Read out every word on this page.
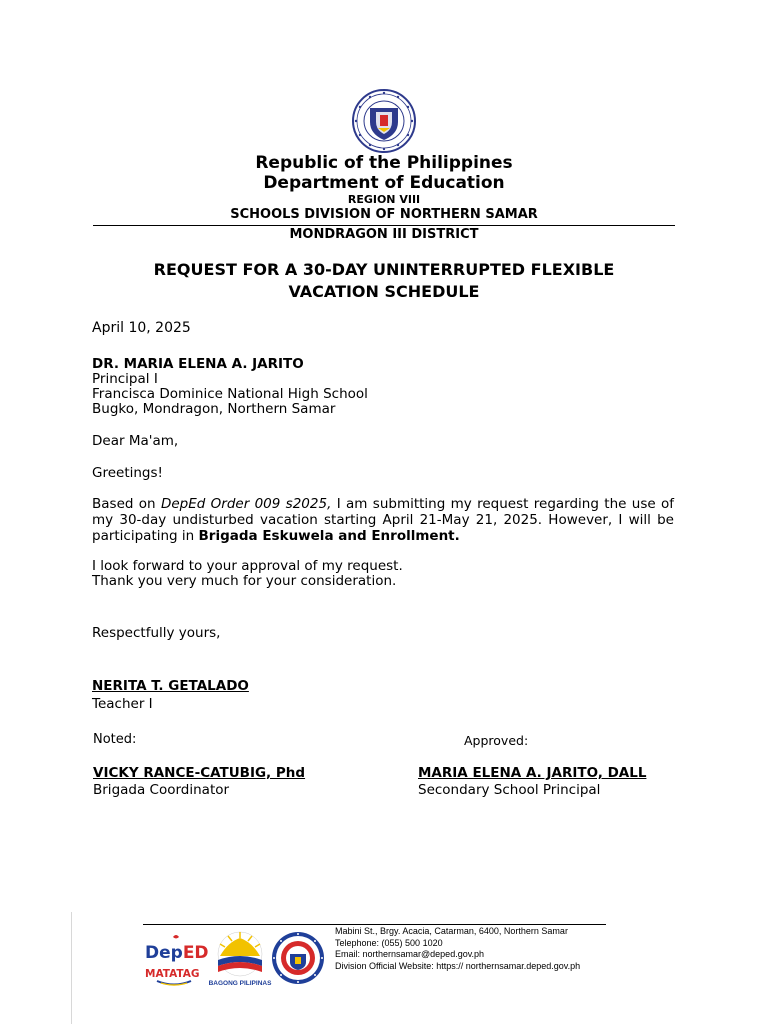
Republic of the Philippines
Department of Education
REGION VIII
SCHOOLS DIVISION OF NORTHERN SAMAR
MONDRAGON III DISTRICT
REQUEST FOR A 30-DAY UNINTERRUPTED FLEXIBLE
VACATION SCHEDULE
April 10, 2025
DR. MARIA ELENA A. JARITO
Principal I
Francisca Dominice National High School
Bugko, Mondragon, Northern Samar
Dear Ma'am,
Greetings!
Based on DepEd Order 009 s2025, I am submitting my request regarding the use of my 30-day undisturbed vacation starting April 21-May 21, 2025. However, I will be participating in Brigada Eskuwela and Enrollment.
I look forward to your approval of my request.
Thank you very much for your consideration.
Respectfully yours,
NERITA T. GETALADO
Teacher I
Noted:	Approved:
VICKY RANCE-CATUBIG, Phd
Brigada Coordinator
MARIA ELENA A. JARITO, DALL
Secondary School Principal
DepED
MATATAG
BAGONG PILIPINAS
Mabini St., Brgy. Acacia, Catarman, 6400, Northern Samar
Telephone: (055) 500 1020
Email: northernsamar@deped.gov.ph
Division Official Website: https:// northernsamar.deped.gov.ph
